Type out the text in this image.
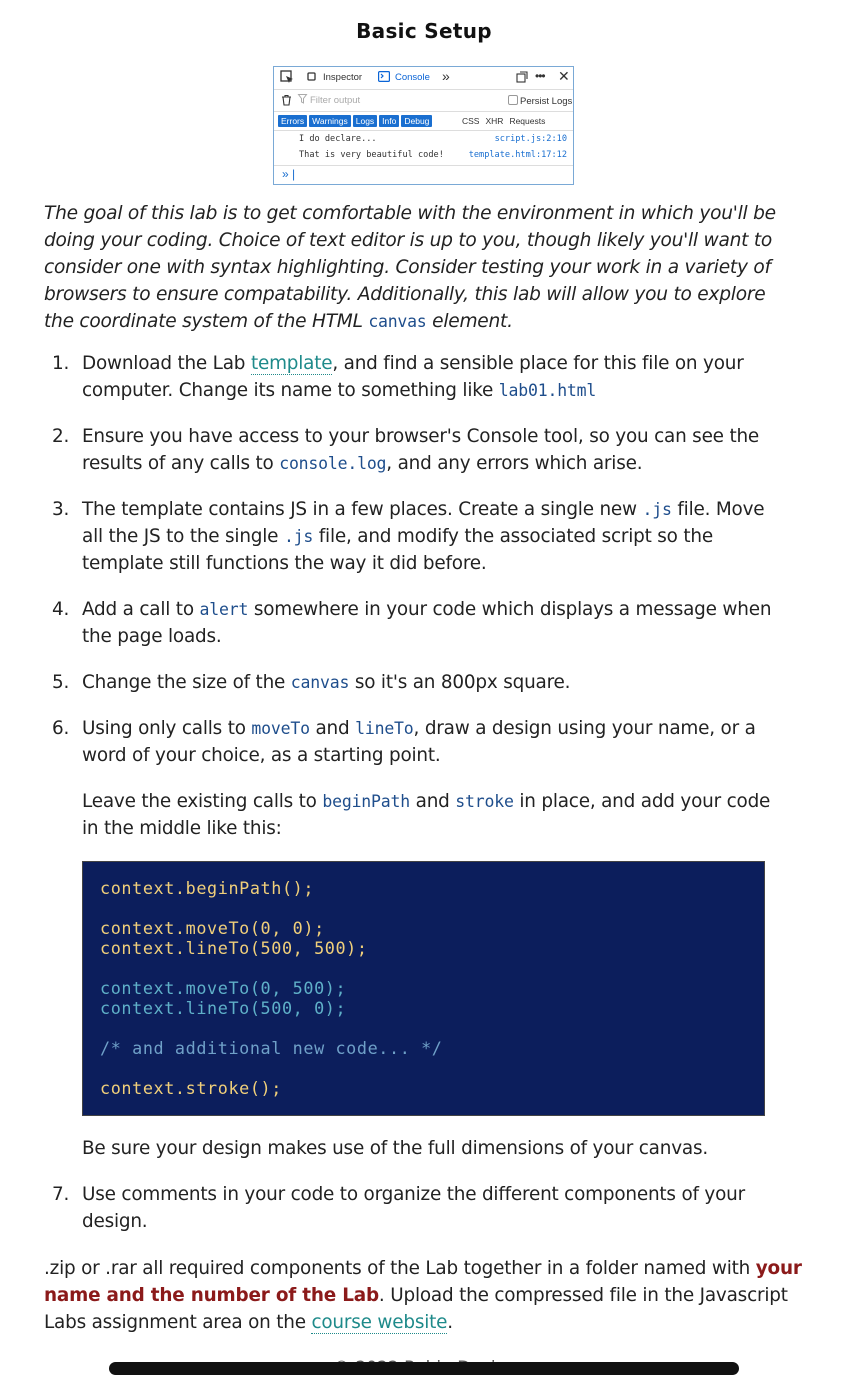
Basic Setup
Inspector	Console »	••• ✕
Filter output	Persist Logs
Errors Warnings Logs Info Debug	CSS XHR Requests
I do declare...	script.js:2:10
That is very beautiful code!	template.html:17:12
» |
The goal of this lab is to get comfortable with the environment in which you'll be doing your coding. Choice of text editor is up to you, though likely you'll want to consider one with syntax highlighting. Consider testing your work in a variety of browsers to ensure compatability. Additionally, this lab will allow you to explore the coordinate system of the HTML canvas element.
1. Download the Lab template, and find a sensible place for this file on your computer. Change its name to something like lab01.html
2. Ensure you have access to your browser's Console tool, so you can see the results of any calls to console.log, and any errors which arise.
3. The template contains JS in a few places. Create a single new .js file. Move all the JS to the single .js file, and modify the associated script so the template still functions the way it did before.
4. Add a call to alert somewhere in your code which displays a message when the page loads.
5. Change the size of the canvas so it's an 800px square.
6. Using only calls to moveTo and lineTo, draw a design using your name, or a word of your choice, as a starting point.
Leave the existing calls to beginPath and stroke in place, and add your code in the middle like this:
context.beginPath();
context.moveTo(0, 0);
context.lineTo(500, 500);
context.moveTo(0, 500);
context.lineTo(500, 0);
/* and additional new code... */
context.stroke();
Be sure your design makes use of the full dimensions of your canvas.
7. Use comments in your code to organize the different components of your design.
.zip or .rar all required components of the Lab together in a folder named with your name and the number of the Lab. Upload the compressed file in the Javascript Labs assignment area on the course website.
